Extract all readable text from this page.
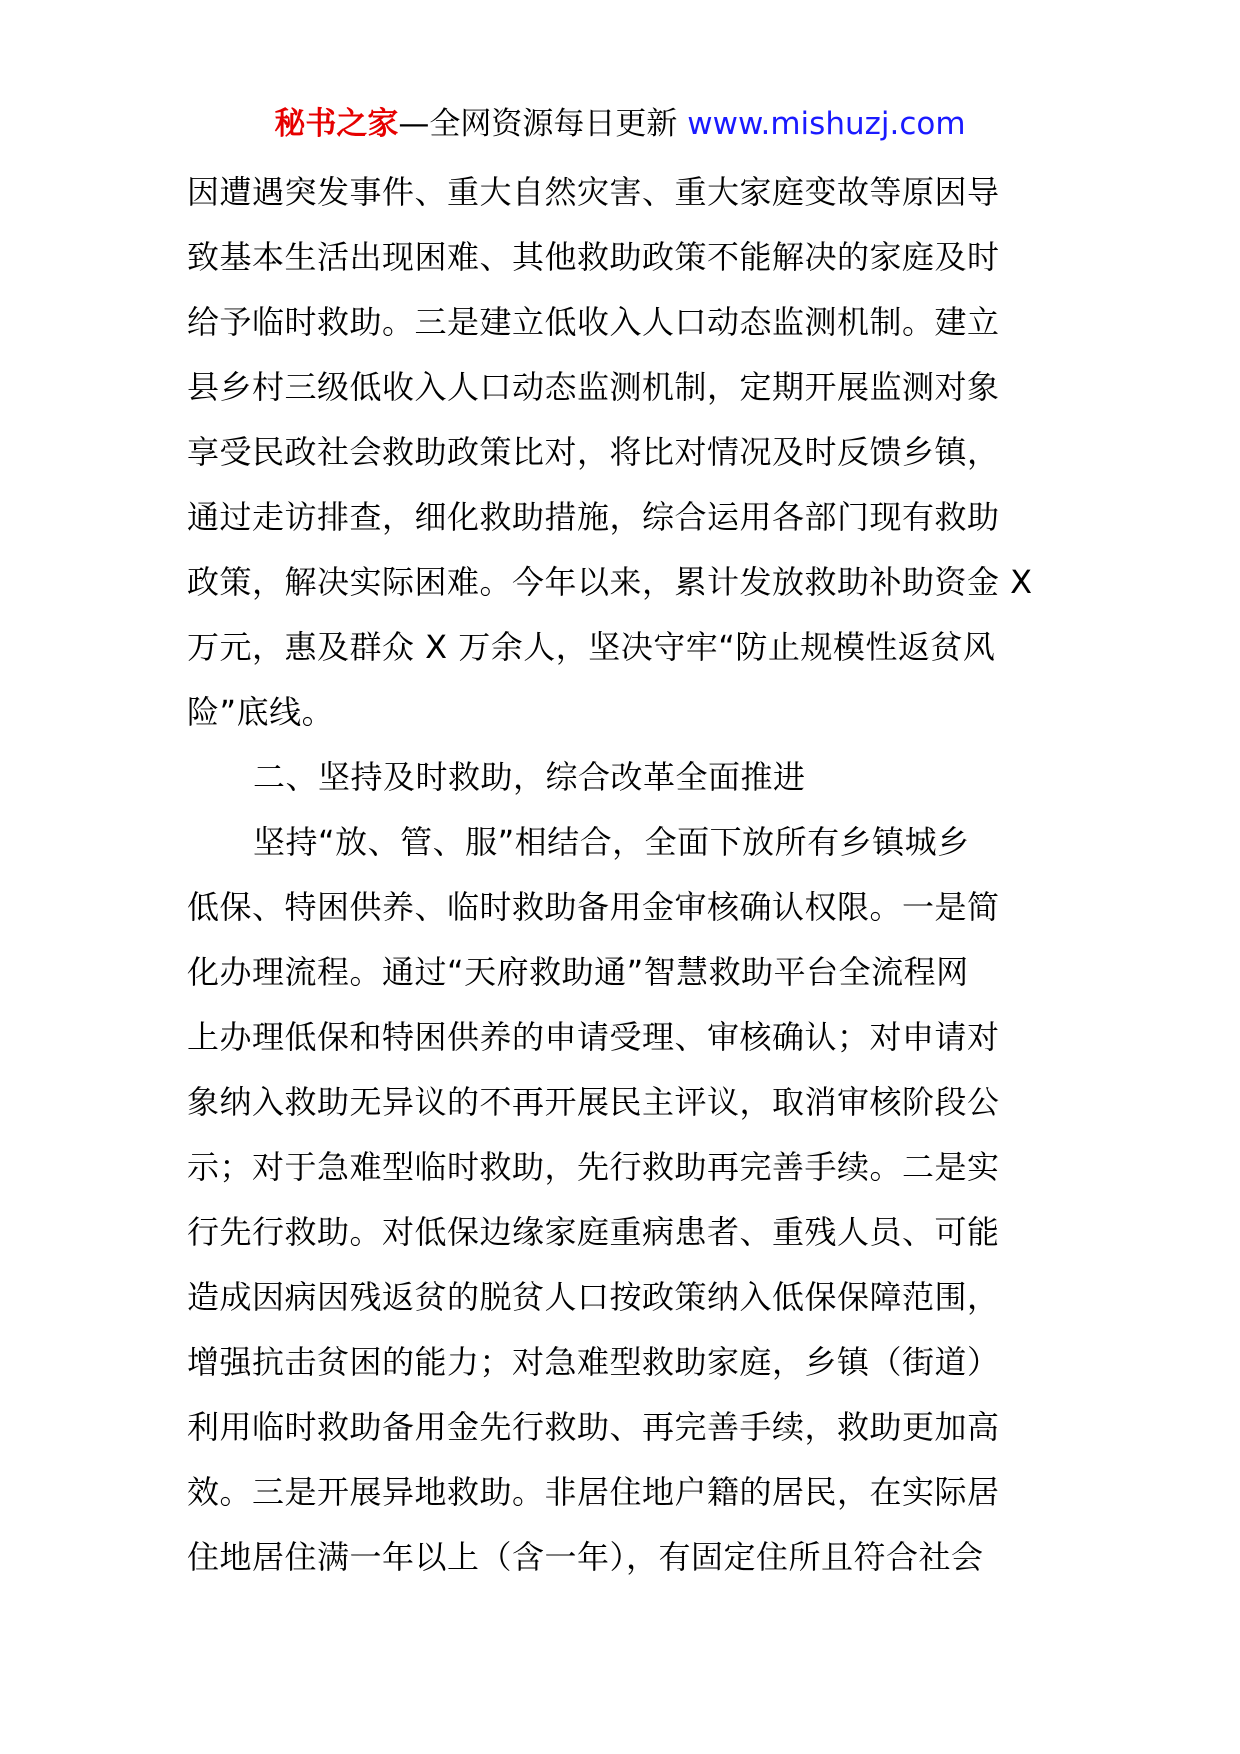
秘书之家—全网资源每日更新 www.mishuzj.com
因遭遇突发事件、重大自然灾害、重大家庭变故等原因导
致基本生活出现困难、其他救助政策不能解决的家庭及时
给予临时救助。三是建立低收入人口动态监测机制。建立
县乡村三级低收入人口动态监测机制，定期开展监测对象
享受民政社会救助政策比对，将比对情况及时反馈乡镇，
通过走访排查，细化救助措施，综合运用各部门现有救助
政策，解决实际困难。今年以来，累计发放救助补助资金 X
万元，惠及群众 X 万余人，坚决守牢“防止规模性返贫风
险”底线。
二、坚持及时救助，综合改革全面推进
坚持“放、管、服”相结合，全面下放所有乡镇城乡
低保、特困供养、临时救助备用金审核确认权限。一是简
化办理流程。通过“天府救助通”智慧救助平台全流程网
上办理低保和特困供养的申请受理、审核确认；对申请对
象纳入救助无异议的不再开展民主评议，取消审核阶段公
示；对于急难型临时救助，先行救助再完善手续。二是实
行先行救助。对低保边缘家庭重病患者、重残人员、可能
造成因病因残返贫的脱贫人口按政策纳入低保保障范围，
增强抗击贫困的能力；对急难型救助家庭，乡镇（街道）
利用临时救助备用金先行救助、再完善手续，救助更加高
效。三是开展异地救助。非居住地户籍的居民，在实际居
住地居住满一年以上（含一年），有固定住所且符合社会
